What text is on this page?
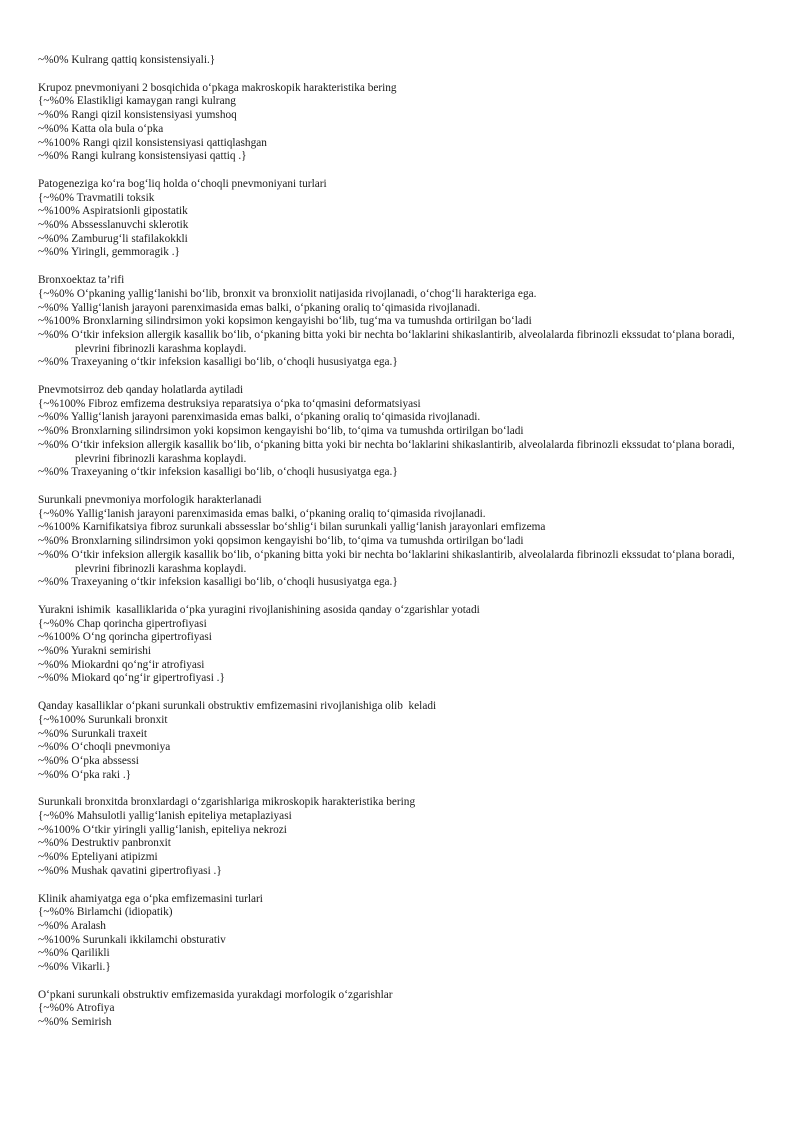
~%0% Kulrang qattiq konsistensiyali.}

Krupoz pnevmoniyani 2 bosqichida o‘pkaga makroskopik harakteristika bering

{~%0% Elastikligi kamaygan rangi kulrang

~%0% Rangi qizil konsistensiyasi yumshoq

~%0% Katta ola bula o‘pka

~%100% Rangi qizil konsistensiyasi qattiqlashgan

~%0% Rangi kulrang konsistensiyasi qattiq .}

Patogeneziga ko‘ra bog‘liq holda o‘choqli pnevmoniyani turlari

{~%0% Travmatili toksik

~%100% Aspiratsionli gipostatik

~%0% Abssesslanuvchi sklerotik

~%0% Zamburug‘li stafilakokkli

~%0% Yiringli, gemmoragik .}

Bronxoektaz ta’rifi

{~%0% O‘pkaning yallig‘lanishi bo‘lib, bronxit va bronxiolit natijasida rivojlanadi, o‘chog‘li harakteriga ega.

~%0% Yallig‘lanish jarayoni parenximasida emas balki, o‘pkaning oraliq to‘qimasida rivojlanadi.

~%100% Bronxlarning silindrsimon yoki kopsimon kengayishi bo‘lib, tug‘ma va tumushda ortirilgan bo‘ladi

~%0% O‘tkir infeksion allergik kasallik bo‘lib, o‘pkaning bitta yoki bir nechta bo‘laklarini shikaslantirib, alveolalarda fibrinozli ekssudat to‘plana boradi, plevrini fibrinozli karashma koplaydi.

~%0% Traxeyaning o‘tkir infeksion kasalligi bo‘lib, o‘choqli hususiyatga ega.}

Pnevmotsirroz deb qanday holatlarda aytiladi

{~%100% Fibroz emfizema destruksiya reparatsiya o‘pka to‘qmasini deformatsiyasi

~%0% Yallig‘lanish jarayoni parenximasida emas balki, o‘pkaning oraliq to‘qimasida rivojlanadi.

~%0% Bronxlarning silindrsimon yoki kopsimon kengayishi bo‘lib, to‘qima va tumushda ortirilgan bo‘ladi

~%0% O‘tkir infeksion allergik kasallik bo‘lib, o‘pkaning bitta yoki bir nechta bo‘laklarini shikaslantirib, alveolalarda fibrinozli ekssudat to‘plana boradi, plevrini fibrinozli karashma koplaydi.

~%0% Traxeyaning o‘tkir infeksion kasalligi bo‘lib, o‘choqli hususiyatga ega.}

Surunkali pnevmoniya morfologik harakterlanadi

{~%0% Yallig‘lanish jarayoni parenximasida emas balki, o‘pkaning oraliq to‘qimasida rivojlanadi.

~%100% Karnifikatsiya fibroz surunkali abssesslar bo‘shlig‘i bilan surunkali yallig‘lanish jarayonlari emfizema

~%0% Bronxlarning silindrsimon yoki qopsimon kengayishi bo‘lib, to‘qima va tumushda ortirilgan bo‘ladi

~%0% O‘tkir infeksion allergik kasallik bo‘lib, o‘pkaning bitta yoki bir nechta bo‘laklarini shikaslantirib, alveolalarda fibrinozli ekssudat to‘plana boradi, plevrini fibrinozli karashma koplaydi.

~%0% Traxeyaning o‘tkir infeksion kasalligi bo‘lib, o‘choqli hususiyatga ega.}

Yurakni ishimik  kasalliklarida o‘pka yuragini rivojlanishining asosida qanday o‘zgarishlar yotadi

{~%0% Chap qorincha gipertrofiyasi

~%100% O‘ng qorincha gipertrofiyasi

~%0% Yurakni semirishi

~%0% Miokardni qo‘ng‘ir atrofiyasi

~%0% Miokard qo‘ng‘ir gipertrofiyasi .}

Qanday kasalliklar o‘pkani surunkali obstruktiv emfizemasini rivojlanishiga olib  keladi

{~%100% Surunkali bronxit

~%0% Surunkali traxeit

~%0% O‘choqli pnevmoniya

~%0% O‘pka abssessi

~%0% O‘pka raki .}

Surunkali bronxitda bronxlardagi o‘zgarishlariga mikroskopik harakteristika bering

{~%0% Mahsulotli yallig‘lanish epiteliya metaplaziyasi

~%100% O‘tkir yiringli yallig‘lanish, epiteliya nekrozi

~%0% Destruktiv panbronxit

~%0% Epteliyani atipizmi

~%0% Mushak qavatini gipertrofiyasi .}

Klinik ahamiyatga ega o‘pka emfizemasini turlari

{~%0% Birlamchi (idiopatik)

~%0% Aralash

~%100% Surunkali ikkilamchi obsturativ

~%0% Qarilikli

~%0% Vikarli.}

O‘pkani surunkali obstruktiv emfizemasida yurakdagi morfologik o‘zgarishlar

{~%0% Atrofiya

~%0% Semirish
